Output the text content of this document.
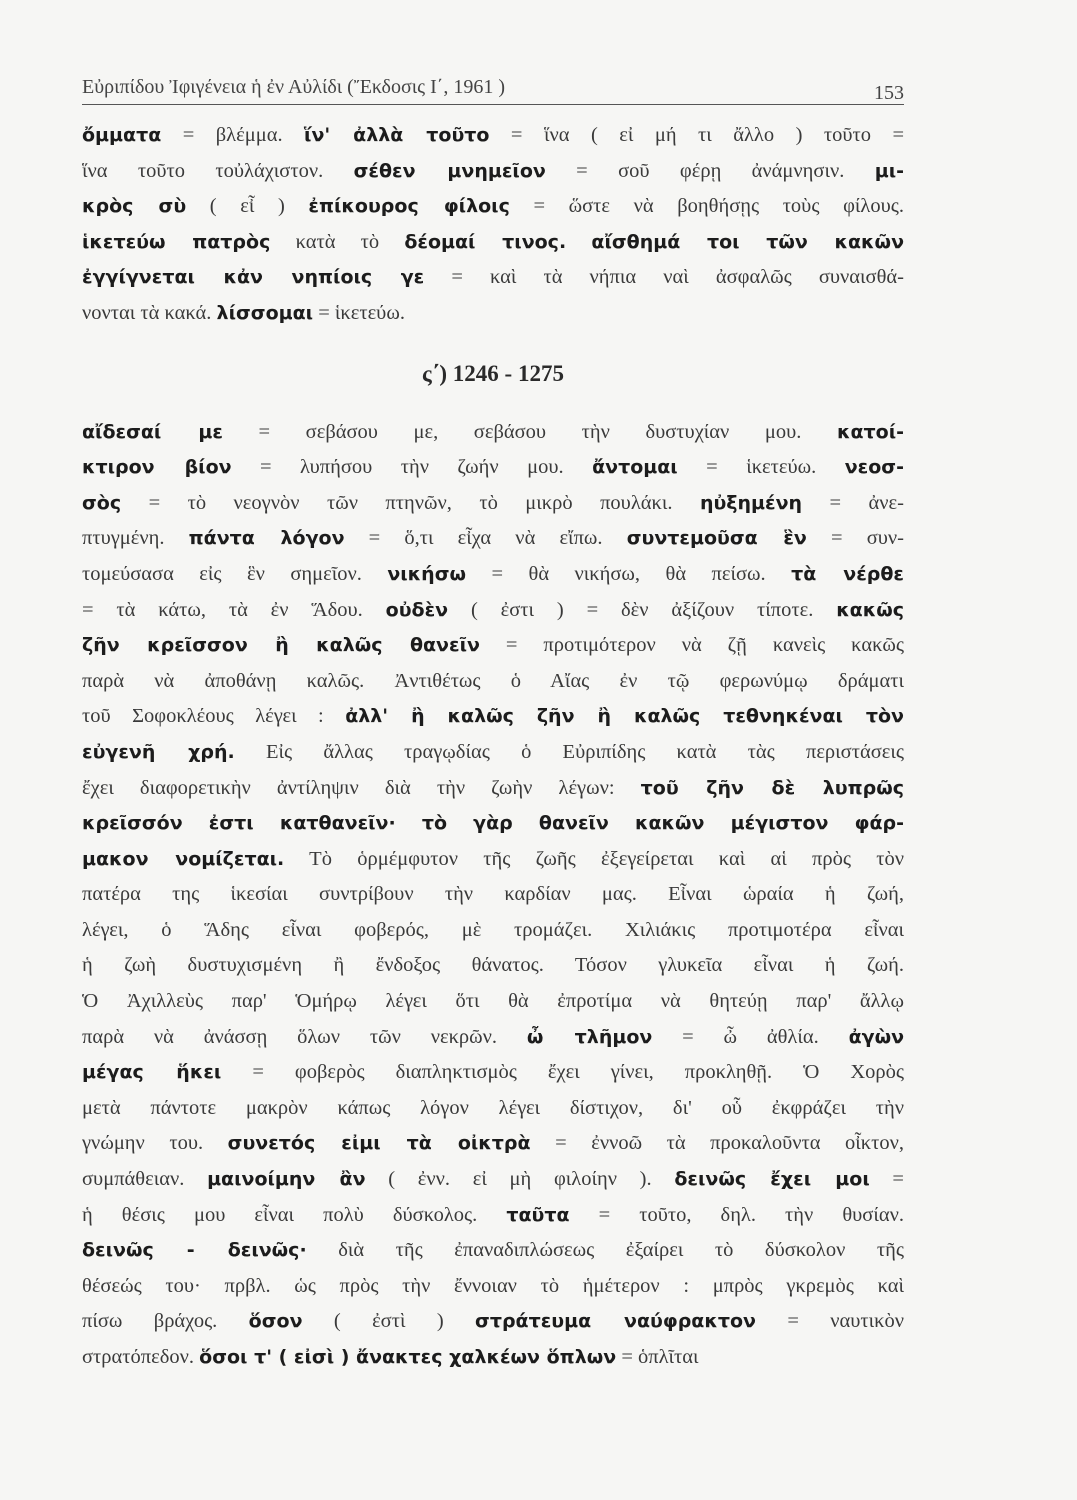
Εὐριπίδου Ἰφιγένεια ἡ ἐν Αὐλίδι (Ἔκδοσις Ι΄, 1961 )	153
ὄμματα = βλέμμα. ἵν' ἀλλὰ τοῦτο = ἵνα ( εἰ μή τι ἄλλο ) τοῦτο =
ἵνα τοῦτο τοὐλάχιστον. σέθεν μνημεῖον = σοῦ φέρῃ ἀνάμνησιν. μι-
κρὸς σὺ ( εἶ ) ἐπίκουρος φίλοις = ὥστε νὰ βοηθήσῃς τοὺς φίλους.
ἱκετεύω πατρὸς κατὰ τὸ δέομαί τινος. αἴσθημά τοι τῶν κακῶν
ἐγγίγνεται κἀν νηπίοις γε = καὶ τὰ νήπια ναὶ ἀσφαλῶς συναισθά-
νονται τὰ κακά. λίσσομαι = ἱκετεύω.
ς΄) 1246 - 1275
αἴδεσαί με = σεβάσου με, σεβάσου τὴν δυστυχίαν μου. κατοί-
κτιρον βίον = λυπήσου τὴν ζωήν μου. ἄντομαι = ἱκετεύω. νεοσ-
σὸς = τὸ νεογνὸν τῶν πτηνῶν, τὸ μικρὸ πουλάκι. ηὐξημένη = ἀνε-
πτυγμένη. πάντα λόγον = ὅ,τι εἶχα νὰ εἴπω. συντεμοῦσα ἓν = συν-
τομεύσασα εἰς ἓν σημεῖον. νικήσω = θὰ νικήσω, θὰ πείσω. τὰ νέρθε
= τὰ κάτω, τὰ ἐν Ἅδου. οὐδὲν ( ἐστι ) = δὲν ἀξίζουν τίποτε. κακῶς
ζῆν κρεῖσσον ἢ καλῶς θανεῖν = προτιμότερον νὰ ζῇ κανεὶς κακῶς
παρὰ νὰ ἀποθάνῃ καλῶς. Ἀντιθέτως ὁ Αἴας ἐν τῷ φερωνύμῳ δράματι
τοῦ Σοφοκλέους λέγει : ἀλλ' ἢ καλῶς ζῆν ἢ καλῶς τεθνηκέναι τὸν
εὐγενῆ χρή. Εἰς ἄλλας τραγῳδίας ὁ Εὐριπίδης κατὰ τὰς περιστάσεις
ἔχει διαφορετικὴν ἀντίληψιν διὰ τὴν ζωὴν λέγων: τοῦ ζῆν δὲ λυπρῶς
κρεῖσσόν ἐστι κατθανεῖν· τὸ γὰρ θανεῖν κακῶν μέγιστον φάρ-
μακον νομίζεται. Τὸ ὁρμέμφυτον τῆς ζωῆς ἐξεγείρεται καὶ αἱ πρὸς τὸν
πατέρα της ἱκεσίαι συντρίβουν τὴν καρδίαν μας. Εἶναι ὡραία ἡ ζωή,
λέγει, ὁ Ἅδης εἶναι φοβερός, μὲ τρομάζει. Χιλιάκις προτιμοτέρα εἶναι
ἡ ζωὴ δυστυχισμένη ἢ ἔνδοξος θάνατος. Τόσον γλυκεῖα εἶναι ἡ ζωή.
Ὁ Ἀχιλλεὺς παρ' Ὁμήρῳ λέγει ὅτι θὰ ἐπροτίμα νὰ θητεύῃ παρ' ἄλλῳ
παρὰ νὰ ἀνάσσῃ ὅλων τῶν νεκρῶν. ὦ τλῆμον = ὦ ἀθλία. ἀγὼν
μέγας ἥκει = φοβερὸς διαπληκτισμὸς ἔχει γίνει, προκληθῇ. Ὁ Χορὸς
μετὰ πάντοτε μακρὸν κάπως λόγον λέγει δίστιχον, δι' οὗ ἐκφράζει τὴν
γνώμην του. συνετός εἰμι τὰ οἰκτρὰ = ἐννοῶ τὰ προκαλοῦντα οἶκτον,
συμπάθειαν. μαινοίμην ἂν ( ἐνν. εἰ μὴ φιλοίην ). δεινῶς ἔχει μοι =
ἡ θέσις μου εἶναι πολὺ δύσκολος. ταῦτα = τοῦτο, δηλ. τὴν θυσίαν.
δεινῶς - δεινῶς· διὰ τῆς ἐπαναδιπλώσεως ἐξαίρει τὸ δύσκολον τῆς
θέσεώς του· πρβλ. ὡς πρὸς τὴν ἔννοιαν τὸ ἡμέτερον : μπρὸς γκρεμὸς καὶ
πίσω βράχος. ὅσον ( ἐστὶ ) στράτευμα ναύφρακτον = ναυτικὸν
στρατόπεδον. ὅσοι τ' ( εἰσὶ ) ἄνακτες χαλκέων ὅπλων = ὁπλῖται
